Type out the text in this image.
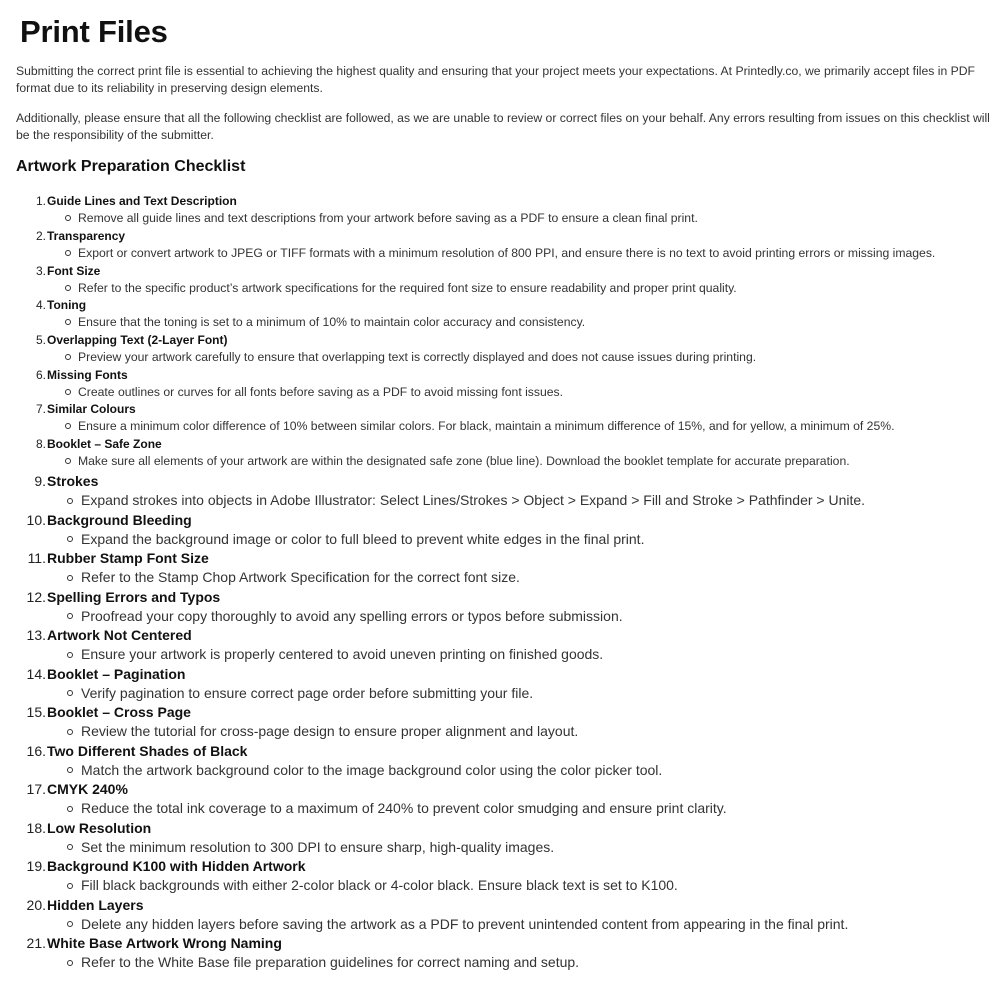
Print Files

Submitting the correct print file is essential to achieving the highest quality and ensuring that your project meets your expectations. At Printedly.co, we primarily accept files in PDF format due to its reliability in preserving design elements.

Additionally, please ensure that all the following checklist are followed, as we are unable to review or correct files on your behalf. Any errors resulting from issues on this checklist will be the responsibility of the submitter.

Artwork Preparation Checklist
1. Guide Lines and Text Description
Remove all guide lines and text descriptions from your artwork before saving as a PDF to ensure a clean final print.
2. Transparency
Export or convert artwork to JPEG or TIFF formats with a minimum resolution of 800 PPI, and ensure there is no text to avoid printing errors or missing images.
3. Font Size
Refer to the specific product’s artwork specifications for the required font size to ensure readability and proper print quality.
4. Toning
Ensure that the toning is set to a minimum of 10% to maintain color accuracy and consistency.
5. Overlapping Text (2-Layer Font)
Preview your artwork carefully to ensure that overlapping text is correctly displayed and does not cause issues during printing.
6. Missing Fonts
Create outlines or curves for all fonts before saving as a PDF to avoid missing font issues.
7. Similar Colours
Ensure a minimum color difference of 10% between similar colors. For black, maintain a minimum difference of 15%, and for yellow, a minimum of 25%.
8. Booklet – Safe Zone
Make sure all elements of your artwork are within the designated safe zone (blue line). Download the booklet template for accurate preparation.
9. Strokes
Expand strokes into objects in Adobe Illustrator: Select Lines/Strokes > Object > Expand > Fill and Stroke > Pathfinder > Unite.
10. Background Bleeding
Expand the background image or color to full bleed to prevent white edges in the final print.
11. Rubber Stamp Font Size
Refer to the Stamp Chop Artwork Specification for the correct font size.
12. Spelling Errors and Typos
Proofread your copy thoroughly to avoid any spelling errors or typos before submission.
13. Artwork Not Centered
Ensure your artwork is properly centered to avoid uneven printing on finished goods.
14. Booklet – Pagination
Verify pagination to ensure correct page order before submitting your file.
15. Booklet – Cross Page
Review the tutorial for cross-page design to ensure proper alignment and layout.
16. Two Different Shades of Black
Match the artwork background color to the image background color using the color picker tool.
17. CMYK 240%
Reduce the total ink coverage to a maximum of 240% to prevent color smudging and ensure print clarity.
18. Low Resolution
Set the minimum resolution to 300 DPI to ensure sharp, high-quality images.
19. Background K100 with Hidden Artwork
Fill black backgrounds with either 2-color black or 4-color black. Ensure black text is set to K100.
20. Hidden Layers
Delete any hidden layers before saving the artwork as a PDF to prevent unintended content from appearing in the final print.
21. White Base Artwork Wrong Naming
Refer to the White Base file preparation guidelines for correct naming and setup.
